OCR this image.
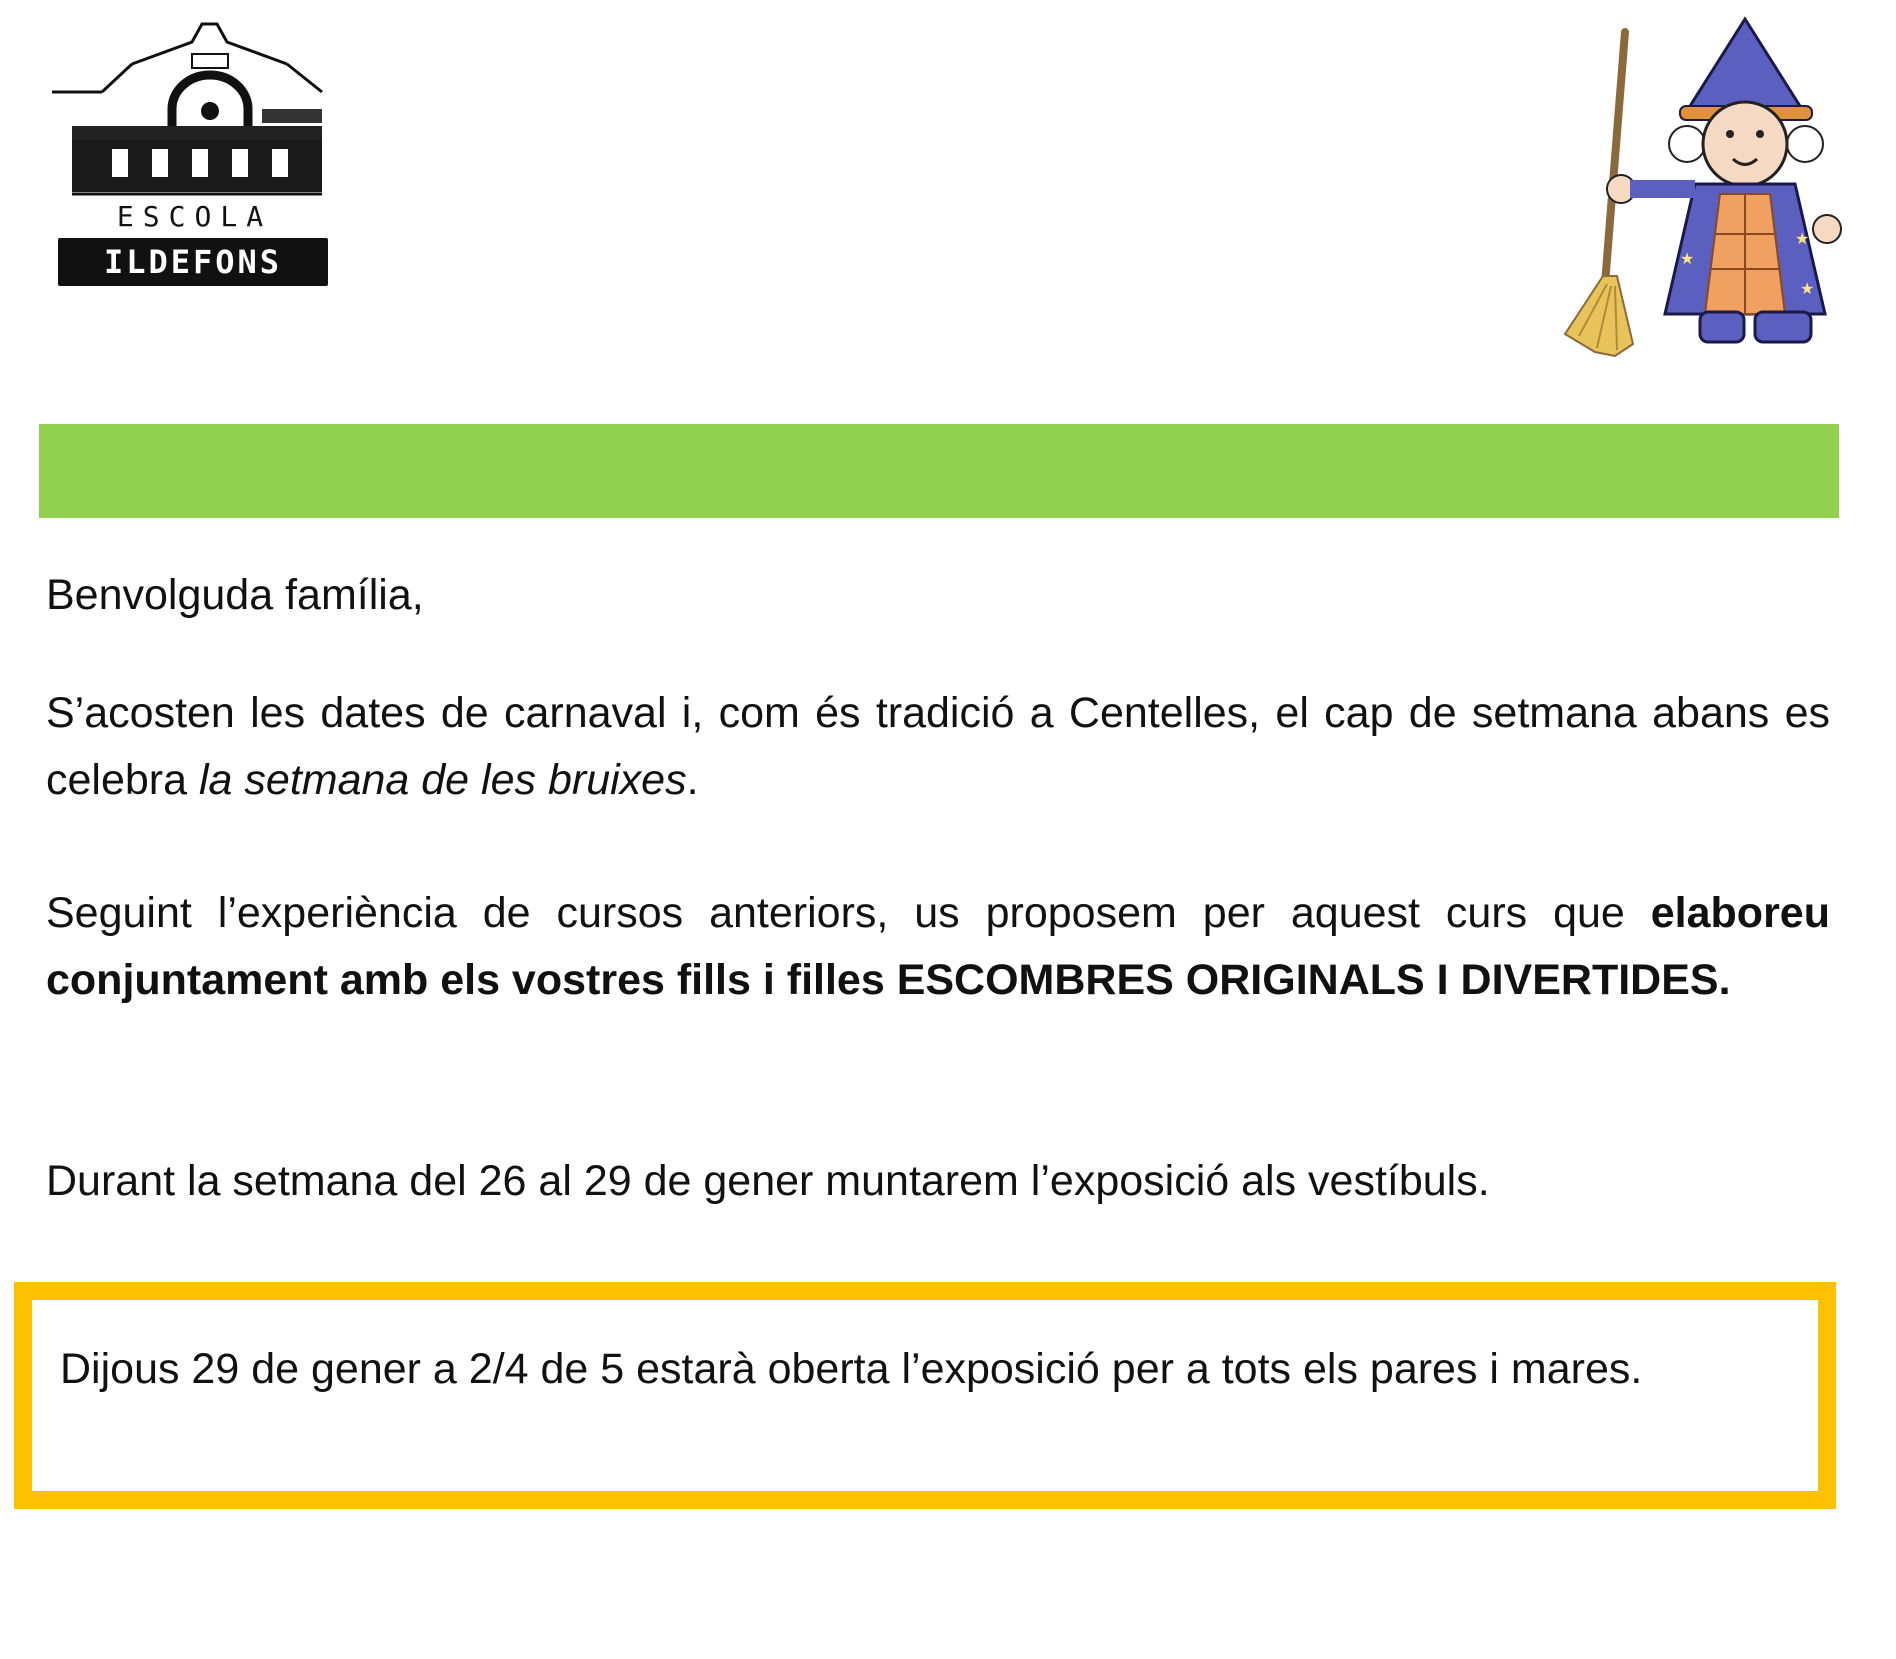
ESCOLA
ILDEFONS CERDÀ
★
★
★

Benvolguda família,

S’acosten les dates de carnaval i, com és tradició a Centelles, el cap de setmana abans es celebra la setmana de les bruixes.

Seguint l’experiència de cursos anteriors, us proposem per aquest curs que elaboreu conjuntament amb els vostres fills i filles ESCOMBRES ORIGINALS I DIVERTIDES.

Durant la setmana del 26 al 29 de gener muntarem l’exposició als vestíbuls.

Dijous 29 de gener a 2/4 de 5 estarà oberta l’exposició per a tots els pares i mares.
